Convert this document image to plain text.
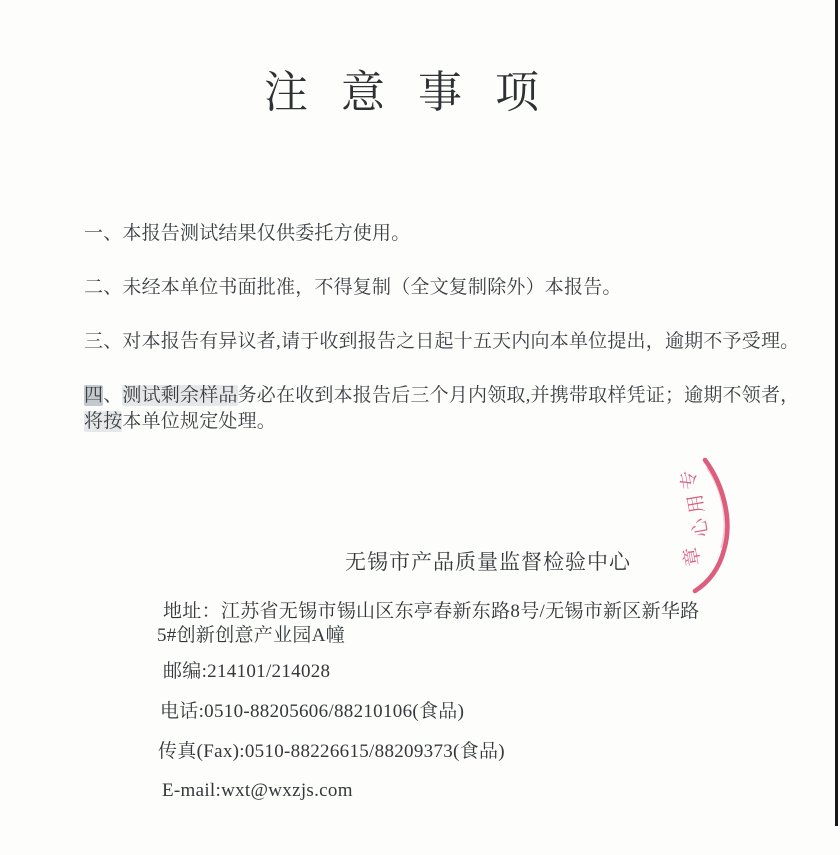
注意事项
一、本报告测试结果仅供委托方使用。
二、未经本单位书面批准，不得复制（全文复制除外）本报告。
三、对本报告有异议者,请于收到报告之日起十五天内向本单位提出，逾期不予受理。
四、测试剩余样品务必在收到本报告后三个月内领取,并携带取样凭证；逾期不领者，
将按本单位规定处理。
无锡市产品质量监督检验中心
地址：江苏省无锡市锡山区东亭春新东路8号/无锡市新区新华路
5#创新创意产业园A幢
邮编:214101/214028
电话:0510-88205606/88210106(食品)
传真(Fax):0510-88226615/88209373(食品)
E-mail:wxt@wxzjs.com
专
用
心
章
